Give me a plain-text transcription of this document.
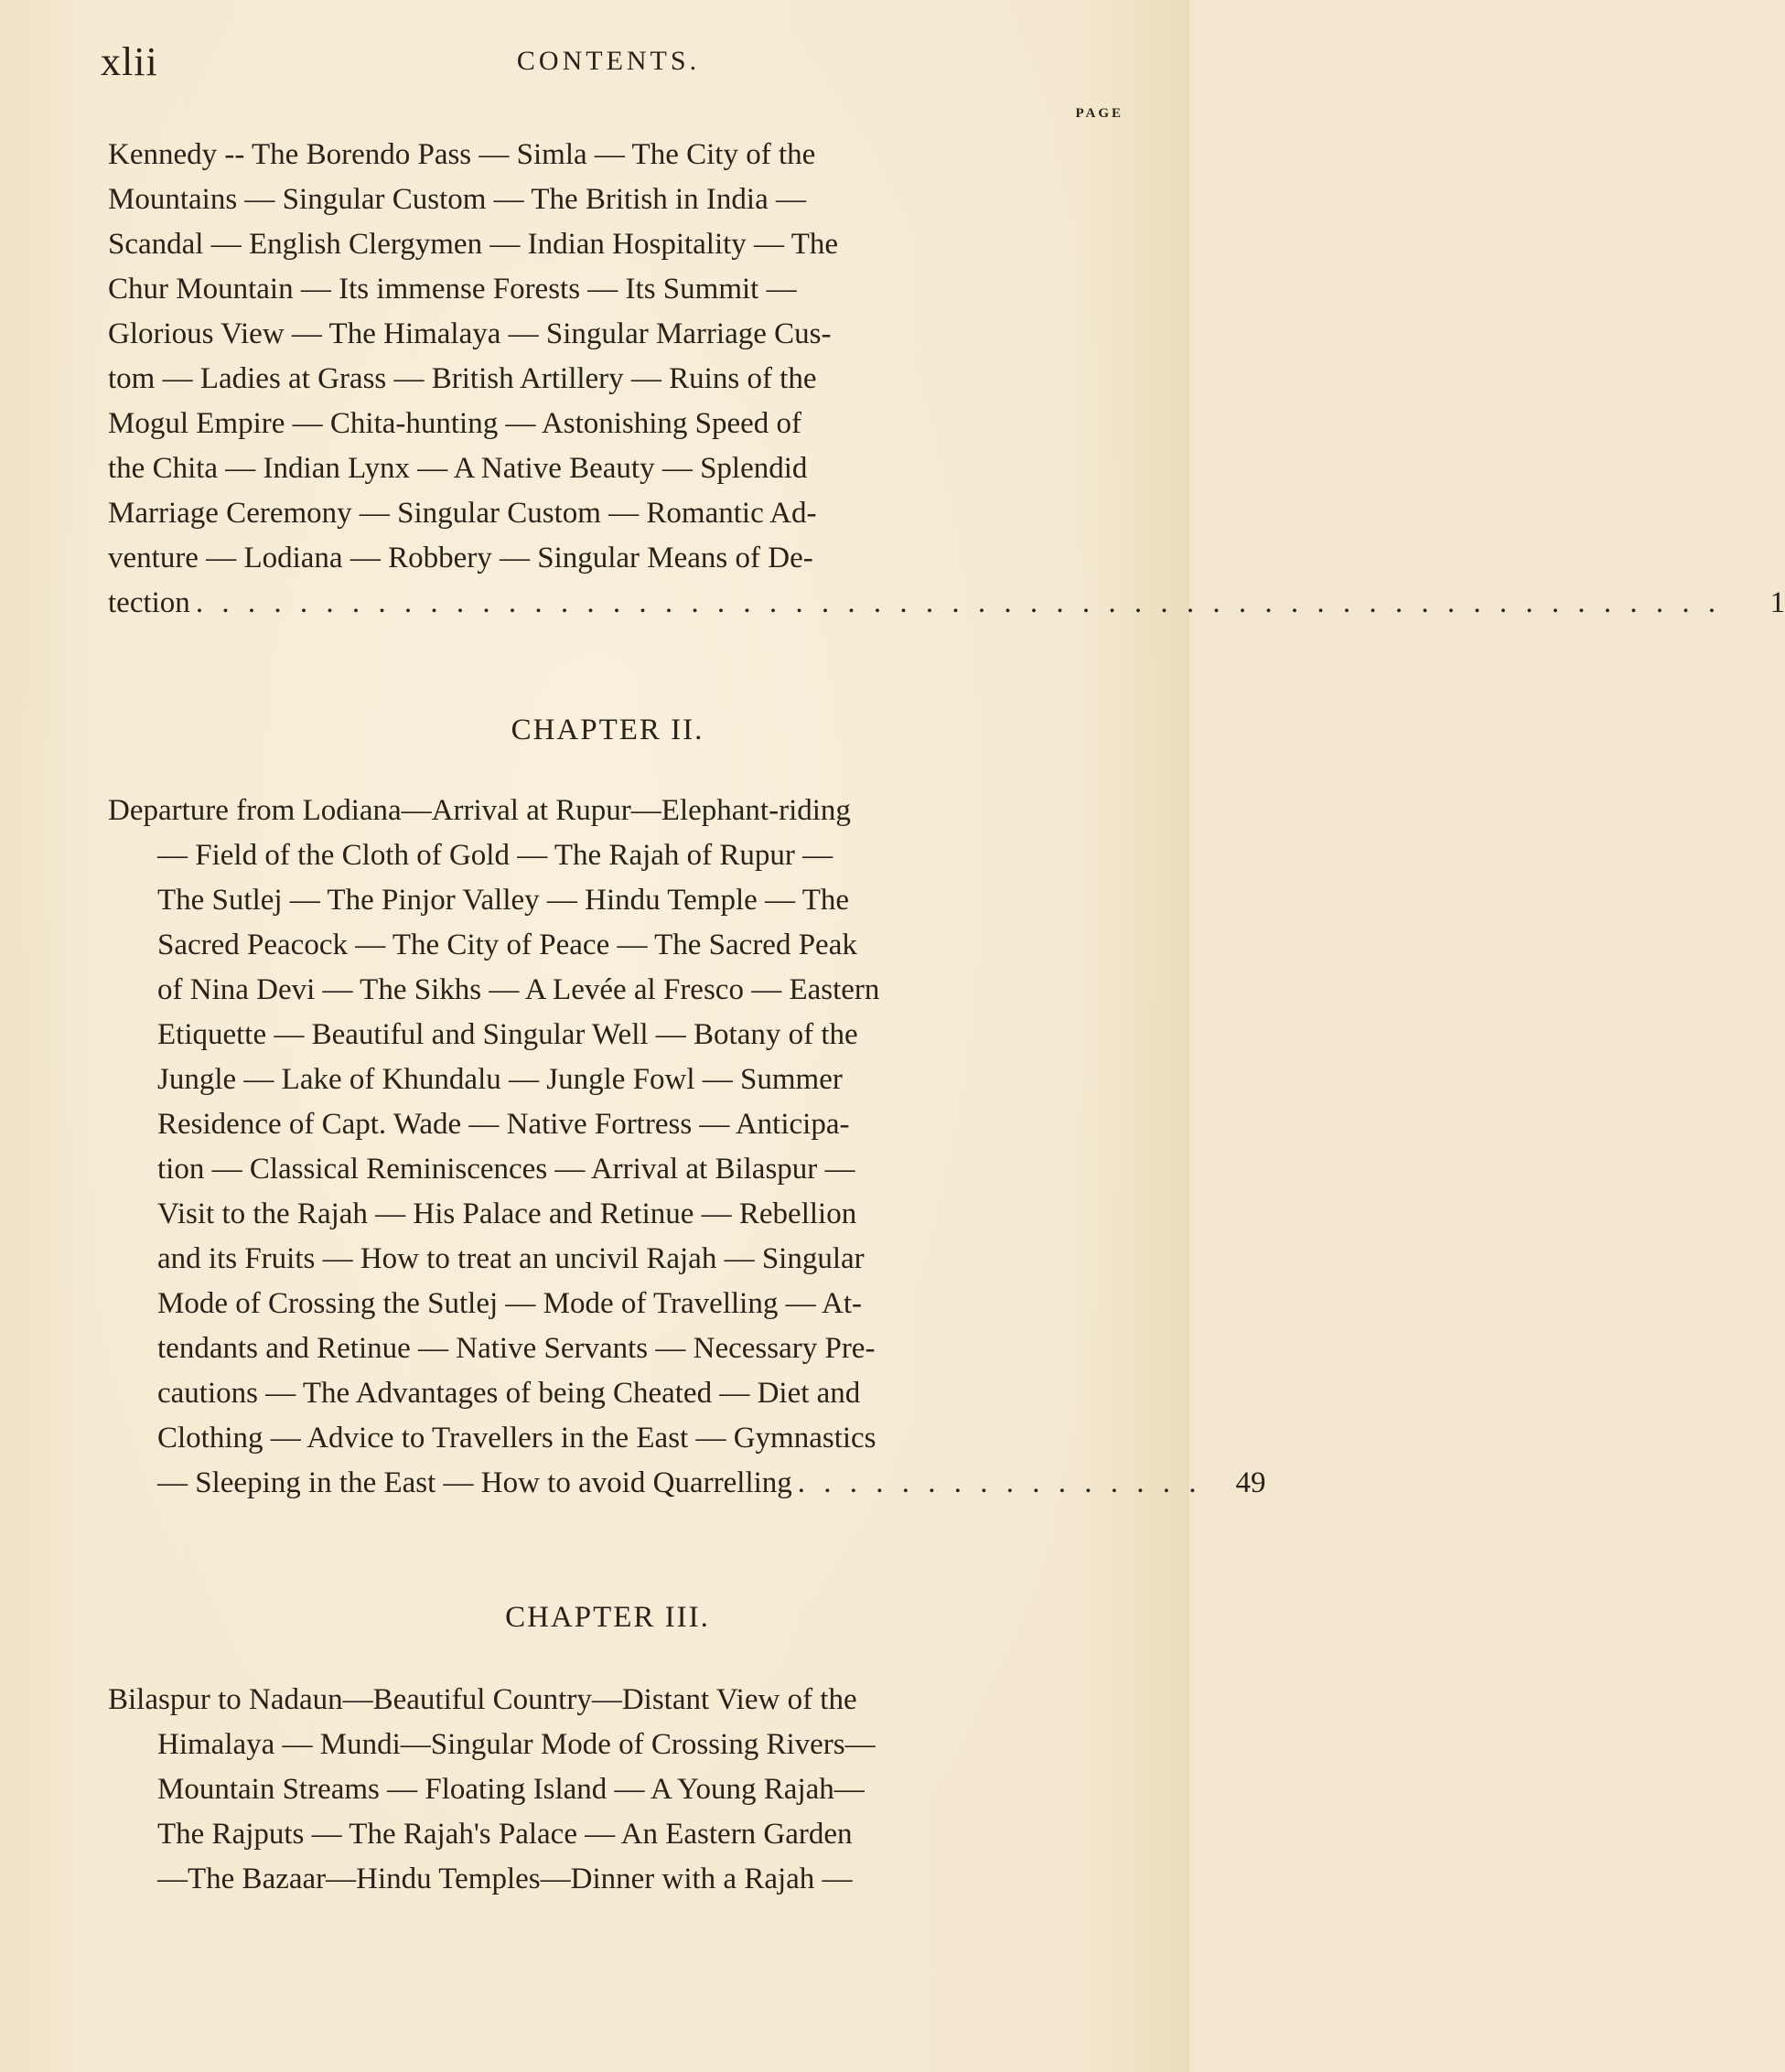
xlii	CONTENTS.
PAGE
Kennedy -- The Borendo Pass — Simla — The City of the
Mountains — Singular Custom — The British in India —
Scandal — English Clergymen — Indian Hospitality — The
Chur Mountain — Its immense Forests — Its Summit —
Glorious View — The Himalaya — Singular Marriage Cus-
tom — Ladies at Grass — British Artillery — Ruins of the
Mogul Empire — Chita-hunting — Astonishing Speed of
the Chita — Indian Lynx — A Native Beauty — Splendid
Marriage Ceremony — Singular Custom — Romantic Ad-
venture — Lodiana — Robbery — Singular Means of De-
tection . . . . . . . . . . . . . . . . . . . . . . . . . . . . . . . . . . . . . . . . . . . . . . . . . . . . . . . . . . .	1
CHAPTER II.
Departure from Lodiana—Arrival at Rupur—Elephant-riding
— Field of the Cloth of Gold — The Rajah of Rupur —
The Sutlej — The Pinjor Valley — Hindu Temple — The
Sacred Peacock — The City of Peace — The Sacred Peak
of Nina Devi — The Sikhs — A Levée al Fresco — Eastern
Etiquette — Beautiful and Singular Well — Botany of the
Jungle — Lake of Khundalu — Jungle Fowl — Summer
Residence of Capt. Wade — Native Fortress — Anticipa-
tion — Classical Reminiscences — Arrival at Bilaspur —
Visit to the Rajah — His Palace and Retinue — Rebellion
and its Fruits — How to treat an uncivil Rajah — Singular
Mode of Crossing the Sutlej — Mode of Travelling — At-
tendants and Retinue — Native Servants — Necessary Pre-
cautions — The Advantages of being Cheated — Diet and
Clothing — Advice to Travellers in the East — Gymnastics
— Sleeping in the East — How to avoid Quarrelling . . . . . . . . . . . . . . . .	49
CHAPTER III.
Bilaspur to Nadaun—Beautiful Country—Distant View of the
Himalaya — Mundi—Singular Mode of Crossing Rivers—
Mountain Streams — Floating Island — A Young Rajah—
The Rajputs — The Rajah's Palace — An Eastern Garden
—The Bazaar—Hindu Temples—Dinner with a Rajah —
